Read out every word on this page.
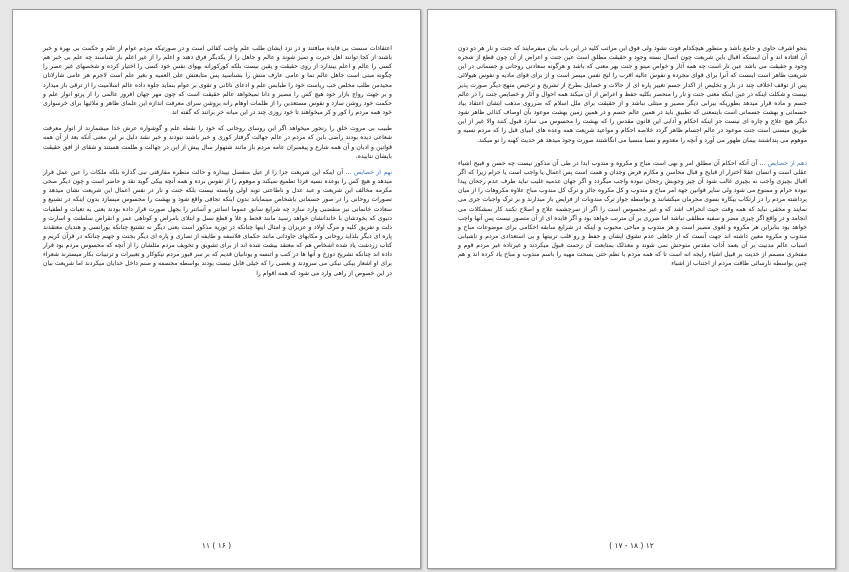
اعتقادات سست بی فایده میافتند و در نزد ایشان طلب علم واجب کفائی است و در صورتیکه مردم عوام از علم و حکمت بی بهره و خبر باشند از کجا توانند اهل خبرت و تمیز شوند و عالم و جاهل را از یکدیگر فرق دهند و اعلم را از غیر اعلم باز شناسند چه علم بی خبر هم کسی را عالم و اعلم بیندارد از روی حقیقت و یقین نیست بلکه کورکورانه بهوای نفس خود کسی را اختیار کرده و شخصهای غیر عصر را چگونه مبنی است جاهل عالم نما و عامی عارف منش را بشناسید پس متابعتش علی العمیه و بغیر علم است لاجرم هر عامی شارلاتان محیدمن طلب مخلص حب ریاست خود را طبابس علم و ادعای نائانی و تقوی بر عوام بنماید جلوه داده عالم اسلامیت را از ترقی باز میدارد و بر جهت رواج بازار خود هیچ کس را مصیر و دانا نمیخواهد عالم حقیقت است که چون مهر جهان افروز عالمی را از پرتو انوار علم و حکمت خود روشن سازد و نفوس مستعدین را از ظلمات اوهام رانه بروشن سرای معرفت اندازه این علمای ظاهر و ملائیها برای خرسواری خود همه مردم را کور و کر میخواهند تا خود روزی چند در این میانه خر برانند که گفته اند

طبیب بی مروت خلق را رنجور میخواهد اگر این روسای روحانی که خود را نقطه علم و گوشواره عرش خدا میشمارند از انوار معرفت شعاعی دیده بودند راضی باین که مردم در عالم جهالت گرفتار کوری و خبر باشند نبودند و خبر نشد دلیل بر این معنی آنکه بعد از آن همه قوانین و ادیان و آن همه شارع و پیغمبران عامه مردم باز مانند شتهوار سال پیش از این در جهالت و ظلمت هستند و شقای از افق حقیقت بایشان نتابیده.

نهم از خصایص ... آن اینکه این شریعت جزا را از عیل منفصل نپیداره و حالت منظره مفارقتی نبی گذاره بلکه ملکات را عین عمل قرار میدهد و هیچ کس را بوعده نسیه فردا تطمیع نمیکند و موهوم را از نفوس برده و همه آنچه بیکی گوید نقد و حاضر است و چون دیگر صحی مکرمه مخالف این شریعت و عبد عدل و ناطاعتی توبه اولی وابسته نیست بلکه جنت و نار در نفس اعمال این شریعت نشان میدهد و تصورات روحانی را در صور جسمانی باشخاص مینمایاند بدون اینکه تجافی واقع شود و بهشت را محسوس میسازد بدون اینکه در تشنیع و سعادت خانمانی نیز منقضبی وارد سازد چه شرایع سابق عموما اسانتر و آسانتر را بجهل صورت قرار داده بودند یعنی به تعبات و لطفیات دنیوی که بخودشان با خاندانشان خواهد رسید مانند قحط و غلا و قطع نسل و ابتلای بامراض و کوتاهی عمر و انقراض سلطنت و اسارت و ذلت و تفریق کلیه و مرگ اولاد و عزیزان و امثال اینها چنانکه در توریة مذکور است یعنی دیگر نه تشنیع چنانکه بورانسی و هندیان معتقدند پاره ای دیگر بلذایذ روحانی و مکابهای جاودانی مانند حکمای فلاسفه و طایفه از نصاری و پاره ای دیگر بجنت و جهنم چنانکه در قرآن کریم و کتاب زردشت یاد شده اشخاص هم که معتقد بیشت شده اند از برای تشویق و تخویف مردم مثلشان را از آنچه که محسوس مردم بود قرار داده اند چنانکه تشریح دوزخ و آنها ها در کتب و اتنسه و یونانیان قدیم که بر سر قبور مردم نیکوکار و تعبیرات و ترتیبات بکار میسترند شعراء برای او اشعار بیکی نیکی می سرودند و بعضی را که خیلی قابل نیست بودند بواسطه مجسمه و صنم داخل خدایان میکردند اما شریعت بیان در این خصوص از راهی وارد می شود که همه اقوام را

( ۱۶ ) ۱۱

بنحو اشرف حاوی و جامع باشد و منظور هیچکدام فوت نشود ولی فوق این مراتب کلیه در این باب بیان میفرمایند که جنت و نار هر دو دون آن افتاده اند و آن ابستکه اقبال باین شریعت چون اتصال بسته وجود و حقیقت مطلق است عین جنت و اعراض از آن چون قطع از شجره وجود و حقیقت می باشد عین نار است چه همه آثار و خواص مینو و جنت بهر معنی که باشد و هرگونه سعادتی روحانی و جسمانی در این شریعت ظاهر است اینست که آنرا برای قوای مجرده و نفوس عالیه اقرب را لیج نفس میسر است و از برای قوای مادیه و نفوس هیولائی پس از توقف اخلاف چند در نار و تخلیص از اکدار جسم تغییر پاره ای از حالات و خصایل بطرح از تشریح و ترخیص منهج دیگر صورت پذیر نیست و شکلت اینکه در عین اینکه معنی جنت و نار را منحصر بکلیه حفظ و اعراض از آن میکند همه احوال و آثار و خصایص جنت را در عالم جسم و ماده قرار میدهد بطوریکه بیرابی دیگر مصیر و مبتلی نباشد و از حقیقت برای ملل اسلام که ضرروی مذهب ایشان اعتقاد بیاد جسمانی و بهشت جسمانی است باینمعنی که تطبیق باید در همین عالم جسم و در همین زمین بهشت موعود بآن اوصاف کذائی ظاهر شود دیگر هیچ علاج و چاره ای نیست جز اینکه احکام و آدابی این قانون مقدس را که بهشت را محسوس می سازد قبول کنند والا غیر از این طریق میسنی است جنت موعود در عالم اجسام ظاهر گردد خلاصه احکام و مواعید شریعت همه وعده های انبیای قبل را که مردم نسیه و موهوم می پنداشتند بیمان ظهور می آورد و آنچه را معدوم و نسیا منسیا می انگاشتند صورت وجود میدهد هر حدیث کهنه را نو میکند.

دهم از خصایص ... آن آنکه احکام آن مطلق امر و نهی است مباح و مکروه و مندوب ابدا در طی آن مذکور نیست چه حسن و قبیح اشیاء عقلی است و انسان عقلا اخترار از قبایح و قبال محاسن و مکارم فرض وجدان و همت است پس اعمال یا واجب است یا حرام زیرا که اگر اقبال بچیزی واجب نه بچیزی غالب شود آن چیز وجوبش رجحان نبوده واجب میگردد و اگر جهان عدمیه غلیب نباید طرف عدم رجحان پیدا نبوده حرام و ممنوع می شود ولی سایر قوانین جهة امر مباح و مندوب و کل مکروه جائز و ترک کل مندوب مباح علاوه مکروهات را از میان برداشته مردم را در ارتکاب بیکاره بسوی محرمان میکشانند و بواسطه جواز ترک مندوبات از فرایض باز میدارند و بر ترک واجبات جری می نمایند و مخفی نباید که همه وقت حیث انحراف اشد که و غیر محسوس است را اگر از سرچشمه علاج و اصلاح نکنند کار بمشکلات می انجامد و در واقع اگر چیزی مضر و سفیه مطلقی نباشد اما ضرری بر آن مترتب خواهد بود و اگر فایده ای از آن متصور نیست پس آنها واجب خواهد بود بنابراین هر مکروه و لغوی مصیر است و هر مندوب و مباحی محبوب و اینکه در شرایع سابقه احکامی برای موضوعات مباح و مندوب و مکروه معین داشته اند جهت آنست که از جاهلی عدم تشوق ایشان و حفظ و رو قلب تربیتها و بی استعدادی مردم و ناشیابی اسباب عالم مدنیت بر آن بعمد آداب مقدس متوحش نمی شوند و معذلک بمتابعت آن زحمت قبول میکردند و غیرتاده غیر مردم قوم و مفتخری مصمم از خدیت بر قبیل اشیاء رایجه انه است تا که همه مردم با نظم حتی بسحت مهیه را باسم مندوب و مباح یاد کرده اند و هم چنین بواسطه نارسائی طاقت مردم از اجتناب از اشیاء

۱۲ ( ۱۸ - ۱۷ )
